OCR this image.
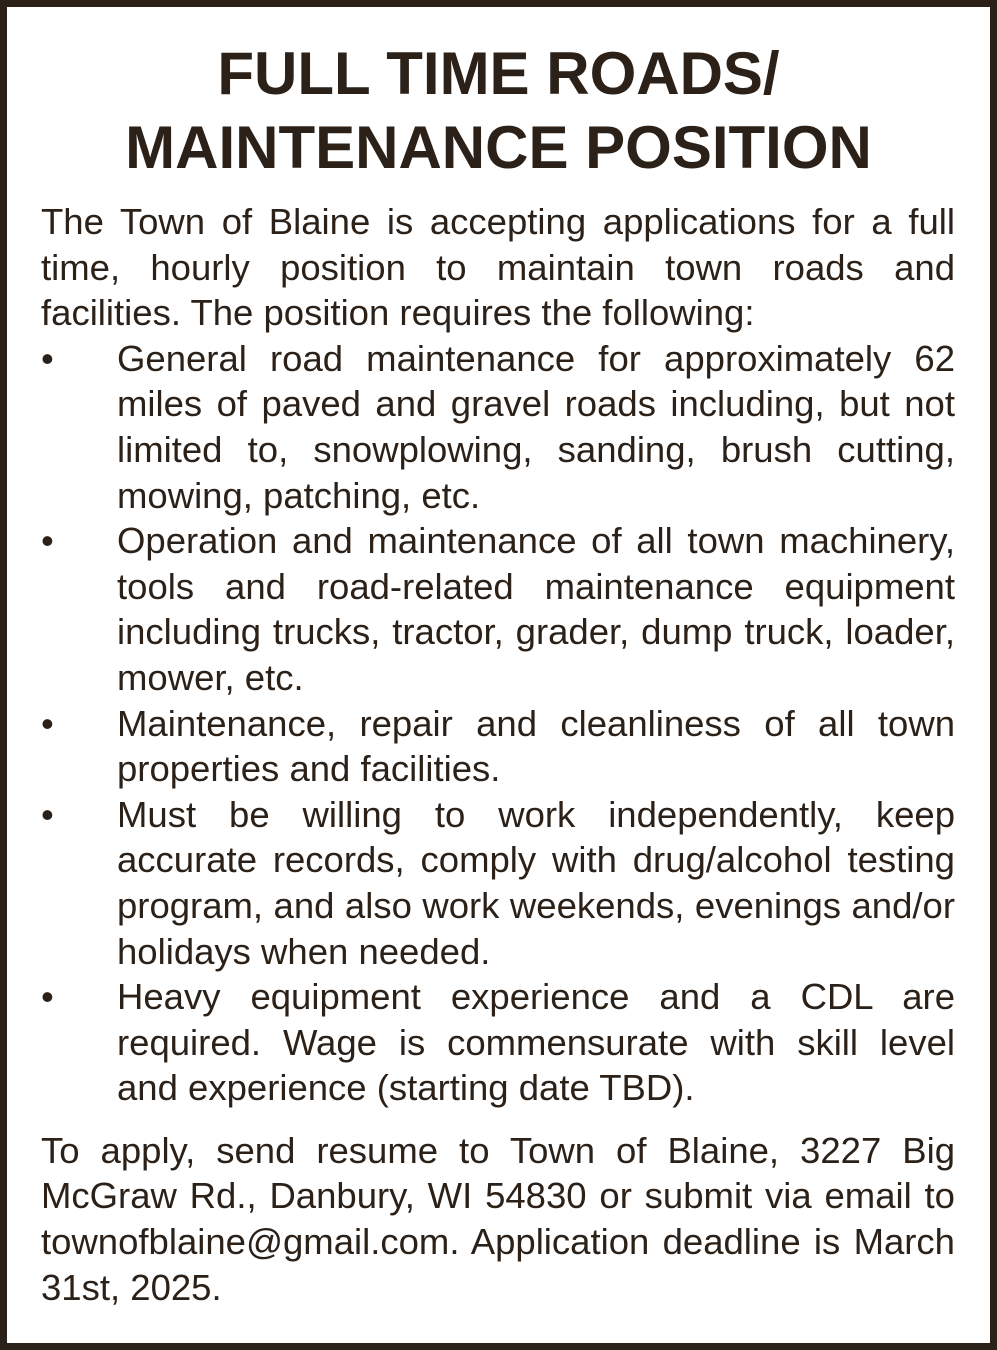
FULL TIME ROADS/
MAINTENANCE POSITION

The Town of Blaine is accepting applications for a full time, hourly position to maintain town roads and facilities. The position requires the following:

• General road maintenance for approximately 62 miles of paved and gravel roads including, but not limited to, snowplowing, sanding, brush cutting, mowing, patching, etc.
• Operation and maintenance of all town machinery, tools and road-related maintenance equipment including trucks, tractor, grader, dump truck, loader, mower, etc.
• Maintenance, repair and cleanliness of all town properties and facilities.
• Must be willing to work independently, keep accurate records, comply with drug/alcohol testing program, and also work weekends, evenings and/or holidays when needed.
• Heavy equipment experience and a CDL are required. Wage is commensurate with skill level and experience (starting date TBD).

To apply, send resume to Town of Blaine, 3227 Big McGraw Rd., Danbury, WI 54830 or submit via email to townofblaine@gmail.com. Application deadline is March 31st, 2025.
